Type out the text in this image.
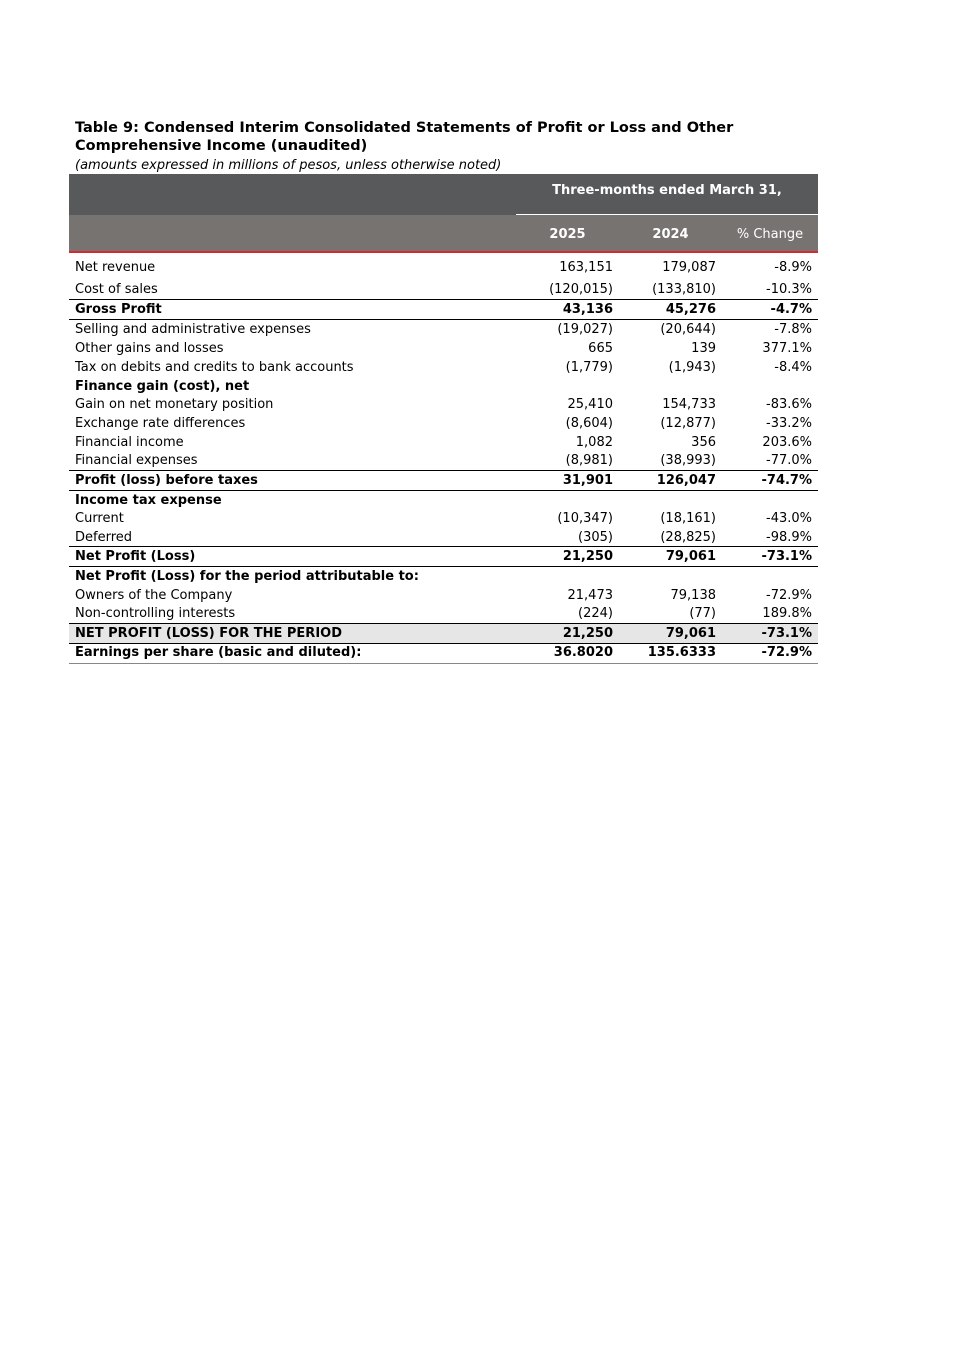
Table 9: Condensed Interim Consolidated Statements of Profit or Loss and Other Comprehensive Income (unaudited)
(amounts expressed in millions of pesos, unless otherwise noted)
Three-months ended March 31,
2025	2024	% Change
Net revenue	163,151	179,087	-8.9%
Cost of sales	(120,015)	(133,810)	-10.3%
Gross Profit	43,136	45,276	-4.7%
Selling and administrative expenses	(19,027)	(20,644)	-7.8%
Other gains and losses	665	139	377.1%
Tax on debits and credits to bank accounts	(1,779)	(1,943)	-8.4%
Finance gain (cost), net
Gain on net monetary position	25,410	154,733	-83.6%
Exchange rate differences	(8,604)	(12,877)	-33.2%
Financial income	1,082	356	203.6%
Financial expenses	(8,981)	(38,993)	-77.0%
Profit (loss) before taxes	31,901	126,047	-74.7%
Income tax expense
Current	(10,347)	(18,161)	-43.0%
Deferred	(305)	(28,825)	-98.9%
Net Profit (Loss)	21,250	79,061	-73.1%
Net Profit (Loss) for the period attributable to:
Owners of the Company	21,473	79,138	-72.9%
Non-controlling interests	(224)	(77)	189.8%
NET PROFIT (LOSS) FOR THE PERIOD	21,250	79,061	-73.1%
Earnings per share (basic and diluted):	36.8020	135.6333	-72.9%
